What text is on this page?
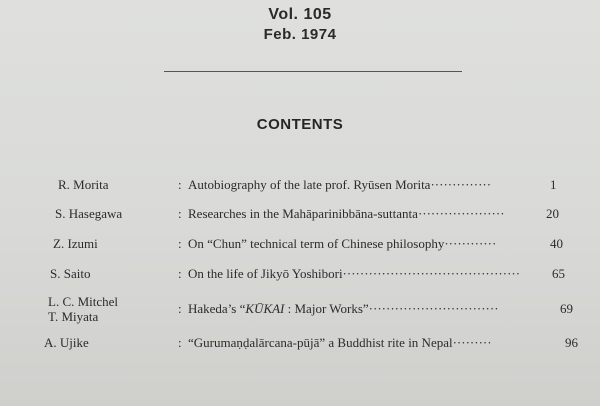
Vol. 105
Feb. 1974
CONTENTS
R. Morita	: Autobiography of the late prof. Ryūsen Morita··············	1
S. Hasegawa	: Researches in the Mahāparinibbāna-suttanta····················	20
Z. Izumi	: On “Chun” technical term of Chinese philosophy············	40
S. Saito	: On the life of Jikyō Yoshibori········································· 65
L. C. Mitchel
T. Miyata
: Hakeda’s “KŪKAI : Major Works”······························	69
A. Ujike	: “Gurumaṇḍalārcana-pūjā” a Buddhist rite in Nepal·········	96
